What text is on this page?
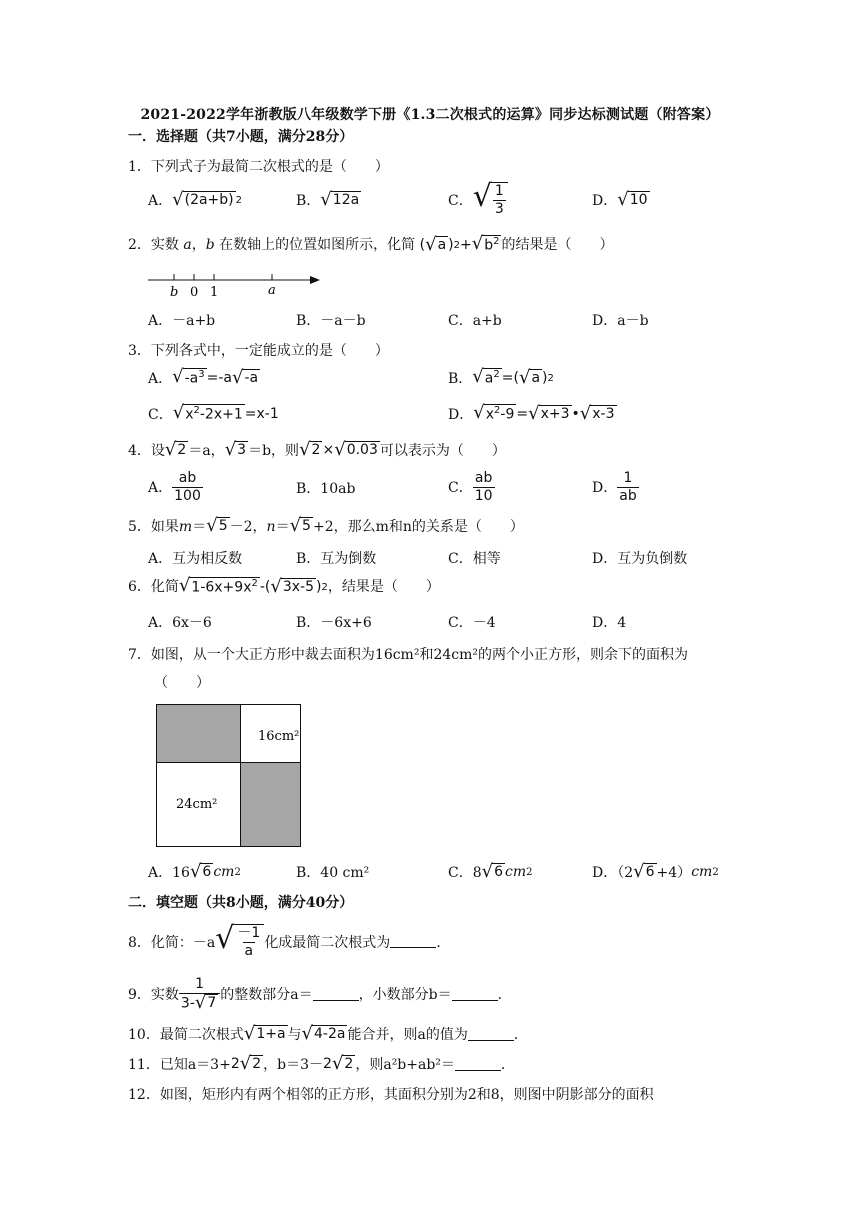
2021-2022学年浙教版八年级数学下册《1.3二次根式的运算》同步达标测试题（附答案）
一．选择题（共7小题，满分28分）
1．下列式子为最简二次根式的是（　　）
A． √ (2a+b) 2	B． √ 12a	C． √ $\frac{1}{3}$	D． √ 10
2．实数 a，b 在数轴上的位置如图所示，化简 ( √ a ) 2 + √ $b^2$ 的结果是（　　）
b 0 1	a
A．－a+b	B．－a－b	C．a+b	D．a－b
3．下列各式中，一定能成立的是（　　）
A． √ $-a^3 =-a$ √ -a	B． √ $a^2$ =( √ a ) 2
C． √ $x^2-2x+1 =x-1$	D． √ $x^2-9$ = √ x+3 • √ x-3
4．设 √ 2 ＝a， √ 3 ＝b，则 √ 2 × √ 0.03 可以表示为（　　）
A． $\frac{ab}{100}$	B．10ab	C． $\frac{ab}{10}$	D． $\frac{1}{ab}$
5．如果m＝ √ 5 －2，n＝ √ 5 +2，那么m和n的关系是（　　）
A．互为相反数	B．互为倒数	C．相等	D．互为负倒数
6．化简 √ $1-6x+9x^2$ -( √ 3x-5 ) 2 ，结果是（　　）
A．6x－6	B．－6x+6	C．－4	D．4
7．如图，从一个大正方形中裁去面积为16cm²和24cm²的两个小正方形，则余下的面积为
（　　）
16cm²
24cm²
A．16 √ 6 cm 2	B．40 cm²	C．8 √ 6 cm 2	D．（2 √ 6 +4） cm 2
二．填空题（共8小题，满分40分）
8．化简：－a √ $\frac{-1}{a}$ 化成最简二次根式为	．
9．实数 $\frac{1}{3- √ 7}$ 的整数部分a＝	，小数部分b＝	．
10．最简二次根式 √ 1+a 与 √ 4-2a 能合并，则a的值为	．
11．已知a＝3+ 2 √ 2 ，b＝3－ 2 √ 2 ，则a²b+ab²＝	．
12．如图，矩形内有两个相邻的正方形，其面积分别为2和8，则图中阴影部分的面积
